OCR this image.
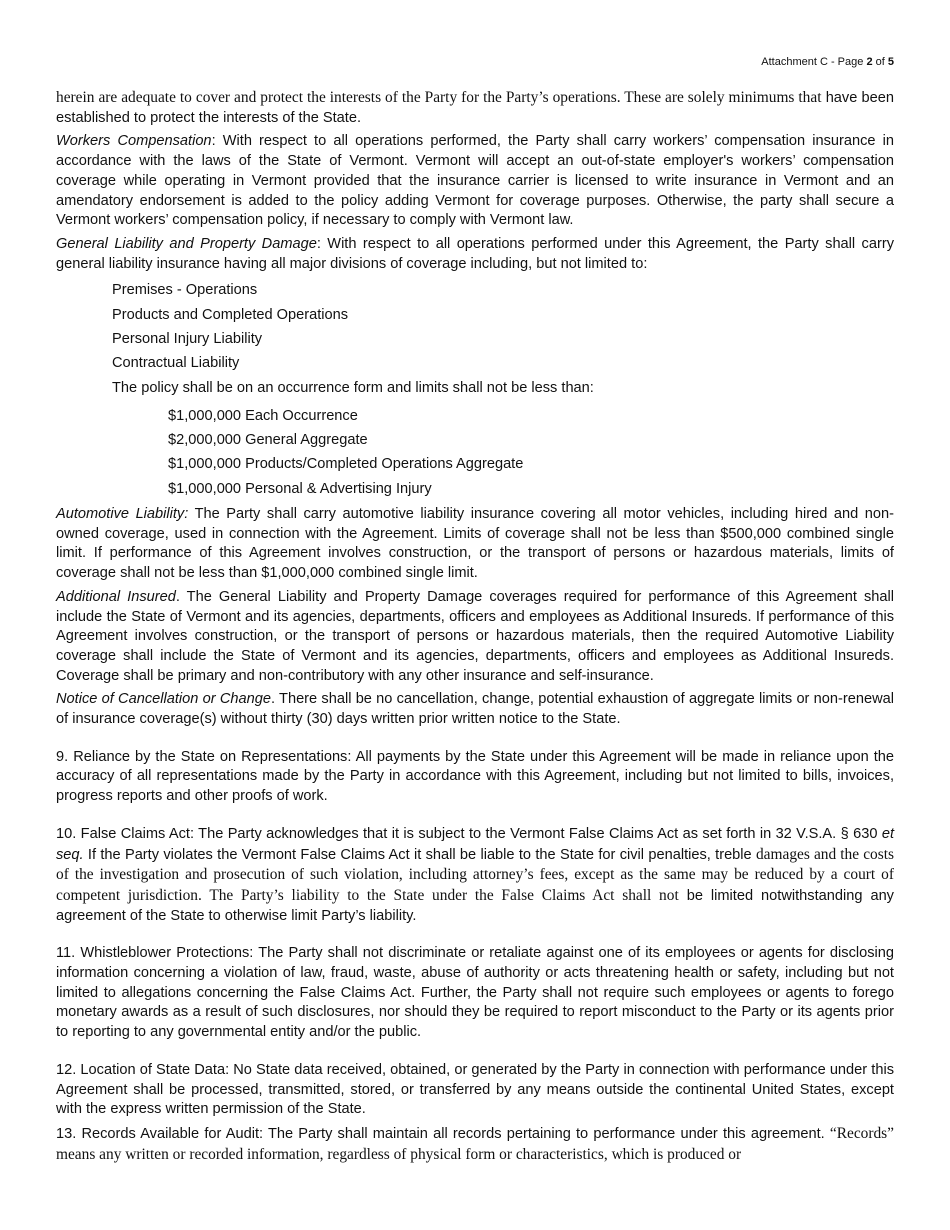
Attachment C - Page 2 of 5

herein are adequate to cover and protect the interests of the Party for the Party’s operations. These are solely minimums that have been established to protect the interests of the State.

Workers Compensation: With respect to all operations performed, the Party shall carry workers’ compensation insurance in accordance with the laws of the State of Vermont. Vermont will accept an out-of-state employer's workers’ compensation coverage while operating in Vermont provided that the insurance carrier is licensed to write insurance in Vermont and an amendatory endorsement is added to the policy adding Vermont for coverage purposes. Otherwise, the party shall secure a Vermont workers’ compensation policy, if necessary to comply with Vermont law.

General Liability and Property Damage: With respect to all operations performed under this Agreement, the Party shall carry general liability insurance having all major divisions of coverage including, but not limited to:

Premises - Operations
Products and Completed Operations
Personal Injury Liability
Contractual Liability
The policy shall be on an occurrence form and limits shall not be less than:
$1,000,000 Each Occurrence
$2,000,000 General Aggregate
$1,000,000 Products/Completed Operations Aggregate
$1,000,000 Personal & Advertising Injury

Automotive Liability: The Party shall carry automotive liability insurance covering all motor vehicles, including hired and non-owned coverage, used in connection with the Agreement. Limits of coverage shall not be less than $500,000 combined single limit. If performance of this Agreement involves construction, or the transport of persons or hazardous materials, limits of coverage shall not be less than $1,000,000 combined single limit.

Additional Insured. The General Liability and Property Damage coverages required for performance of this Agreement shall include the State of Vermont and its agencies, departments, officers and employees as Additional Insureds. If performance of this Agreement involves construction, or the transport of persons or hazardous materials, then the required Automotive Liability coverage shall include the State of Vermont and its agencies, departments, officers and employees as Additional Insureds. Coverage shall be primary and non-contributory with any other insurance and self-insurance.

Notice of Cancellation or Change. There shall be no cancellation, change, potential exhaustion of aggregate limits or non-renewal of insurance coverage(s) without thirty (30) days written prior written notice to the State.

9. Reliance by the State on Representations: All payments by the State under this Agreement will be made in reliance upon the accuracy of all representations made by the Party in accordance with this Agreement, including but not limited to bills, invoices, progress reports and other proofs of work.

10. False Claims Act: The Party acknowledges that it is subject to the Vermont False Claims Act as set forth in 32 V.S.A. § 630 et seq. If the Party violates the Vermont False Claims Act it shall be liable to the State for civil penalties, treble damages and the costs of the investigation and prosecution of such violation, including attorney’s fees, except as the same may be reduced by a court of competent jurisdiction. The Party’s liability to the State under the False Claims Act shall not be limited notwithstanding any agreement of the State to otherwise limit Party’s liability.

11. Whistleblower Protections: The Party shall not discriminate or retaliate against one of its employees or agents for disclosing information concerning a violation of law, fraud, waste, abuse of authority or acts threatening health or safety, including but not limited to allegations concerning the False Claims Act. Further, the Party shall not require such employees or agents to forego monetary awards as a result of such disclosures, nor should they be required to report misconduct to the Party or its agents prior to reporting to any governmental entity and/or the public.

12. Location of State Data: No State data received, obtained, or generated by the Party in connection with performance under this Agreement shall be processed, transmitted, stored, or transferred by any means outside the continental United States, except with the express written permission of the State.

13. Records Available for Audit: The Party shall maintain all records pertaining to performance under this agreement. “Records” means any written or recorded information, regardless of physical form or characteristics, which is produced or
